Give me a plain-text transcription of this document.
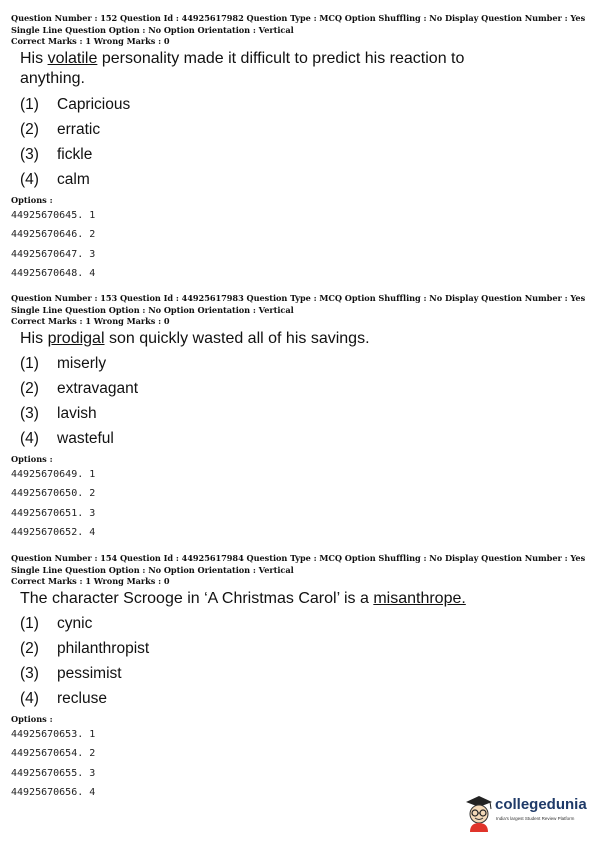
Question Number : 152 Question Id : 44925617982 Question Type : MCQ Option Shuffling : No Display Question Number : Yes
Single Line Question Option : No Option Orientation : Vertical
Correct Marks : 1 Wrong Marks : 0
His volatile personality made it difficult to predict his reaction to anything.
(1) Capricious
(2) erratic
(3) fickle
(4) calm
Options :
44925670645. 1
44925670646. 2
44925670647. 3
44925670648. 4
Question Number : 153 Question Id : 44925617983 Question Type : MCQ Option Shuffling : No Display Question Number : Yes
Single Line Question Option : No Option Orientation : Vertical
Correct Marks : 1 Wrong Marks : 0
His prodigal son quickly wasted all of his savings.
(1) miserly
(2) extravagant
(3) lavish
(4) wasteful
Options :
44925670649. 1
44925670650. 2
44925670651. 3
44925670652. 4
Question Number : 154 Question Id : 44925617984 Question Type : MCQ Option Shuffling : No Display Question Number : Yes
Single Line Question Option : No Option Orientation : Vertical
Correct Marks : 1 Wrong Marks : 0
The character Scrooge in ‘A Christmas Carol’ is a misanthrope.
(1) cynic
(2) philanthropist
(3) pessimist
(4) recluse
Options :
44925670653. 1
44925670654. 2
44925670655. 3
44925670656. 4
collegedunia
India's largest Student Review Platform
